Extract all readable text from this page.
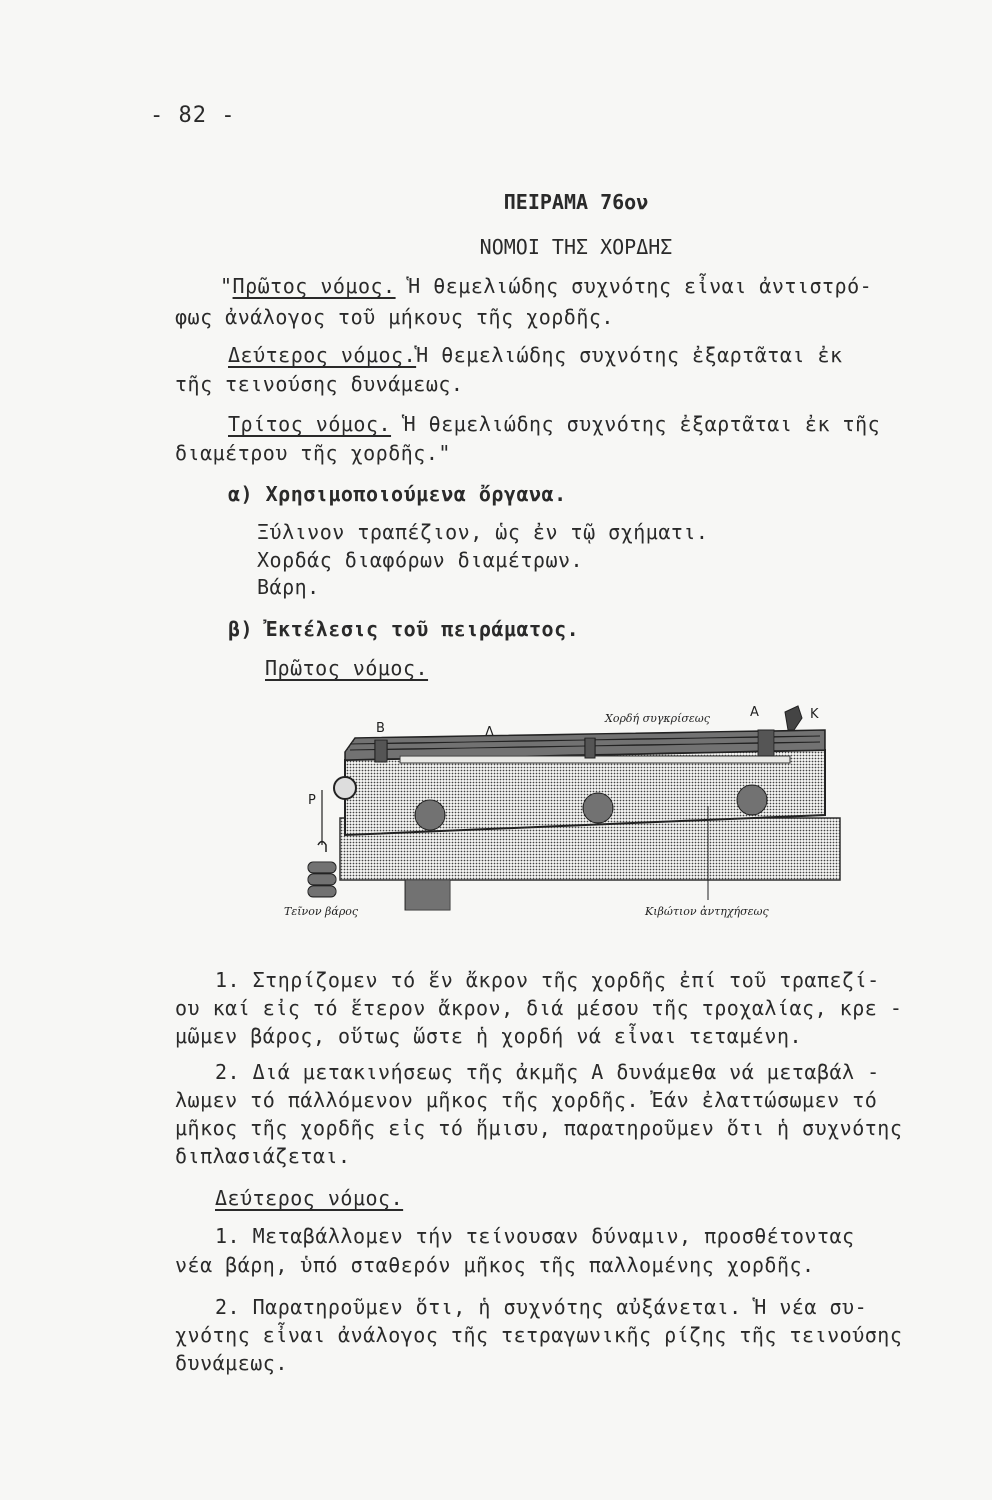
- 82 -
ΠΕΙΡΑΜΑ 76ον
ΝΟΜΟΙ ΤΗΣ ΧΟΡΔΗΣ
"Πρῶτος νόμος. Ἡ θεμελιώδης συχνότης εἶναι ἀντιστρό-
φως ἀνάλογος τοῦ μήκους τῆς χορδῆς.
Δεύτερος νόμος.Ἡ θεμελιώδης συχνότης ἐξαρτᾶται ἐκ
τῆς τεινούσης δυνάμεως.
Τρίτος νόμος. Ἡ θεμελιώδης συχνότης ἐξαρτᾶται ἐκ τῆς
διαμέτρου τῆς χορδῆς."
α) Χρησιμοποιούμενα ὄργανα.
Ξύλινον τραπέζιον, ὡς ἐν τῷ σχήματι.
Χορδάς διαφόρων διαμέτρων.
Βάρη.
β) Ἐκτέλεσις τοῦ πειράματος.
Πρῶτος νόμος.
Β	Δ
Α	Κ
Ρ
Χορδή συγκρίσεως
Τεῖνον βάρος	Κιβώτιον ἀντηχήσεως
1. Στηρίζομεν τό ἕν ἄκρον τῆς χορδῆς ἐπί τοῦ τραπεζί-
ου καί εἰς τό ἕτερον ἄκρον, διά μέσου τῆς τροχαλίας, κρε -
μῶμεν βάρος, οὕτως ὥστε ἡ χορδή νά εἶναι τεταμένη.
2. Διά μετακινήσεως τῆς ἀκμῆς Α δυνάμεθα νά μεταβάλ -
λωμεν τό πάλλόμενον μῆκος τῆς χορδῆς. Ἐάν ἐλαττώσωμεν τό
μῆκος τῆς χορδῆς εἰς τό ἥμισυ, παρατηροῦμεν ὅτι ἡ συχνότης
διπλασιάζεται.
Δεύτερος νόμος.
1. Μεταβάλλομεν τήν τείνουσαν δύναμιν, προσθέτοντας
νέα βάρη, ὑπό σταθερόν μῆκος τῆς παλλομένης χορδῆς.
2. Παρατηροῦμεν ὅτι, ἡ συχνότης αὐξάνεται. Ἡ νέα συ-
χνότης εἶναι ἀνάλογος τῆς τετραγωνικῆς ρίζης τῆς τεινούσης
δυνάμεως.
